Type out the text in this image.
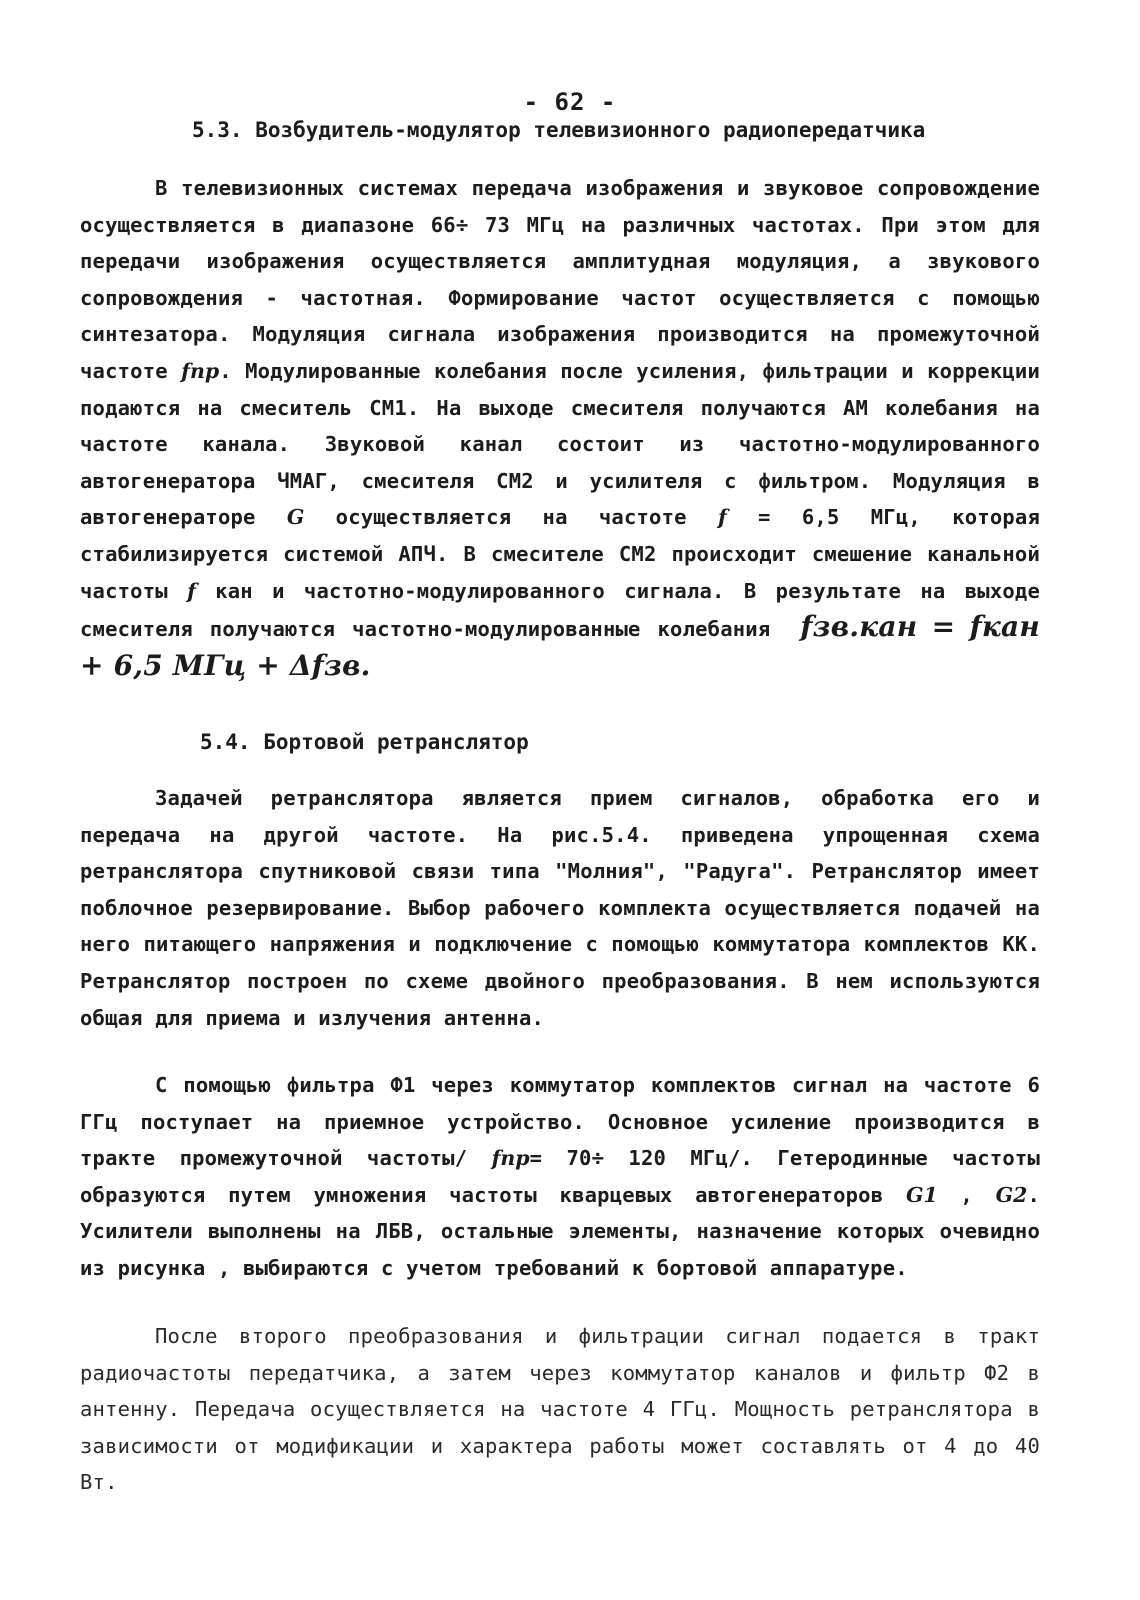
- 62 -
5.3. Возбудитель-модулятор телевизионного радиопередатчика
В телевизионных системах передача изображения и звуковое сопровождение осуществляется в диапазоне 66÷ 73 МГц на различных частотах. При этом для передачи изображения осуществляется амплитудная модуляция, а звукового сопровождения - частотная. Формирование частот осуществляется с помощью синтезатора. Модуляция сигнала изображения производится на промежуточной частоте fпр. Модулированные колебания после усиления, фильтрации и коррекции подаются на смеситель СМ1. На выходе смесителя получаются АМ колебания на частоте канала. Звуковой канал состоит из частотно-модулированного автогенератора ЧМАГ, смесителя СМ2 и усилителя с фильтром. Модуляция в автогенераторе G осуществляется на частоте f = 6,5 МГц, которая стабилизируется системой АПЧ. В смесителе СМ2 происходит смешение канальной частоты f кан и частотно-модулированного сигнала. В результате на выходе смесителя получаются частотно-модулированные колебания fзв.кан = fкан + 6,5 МГц + Δfзв.
5.4. Бортовой ретранслятор
Задачей ретранслятора является прием сигналов, обработка его и передача на другой частоте. На рис.5.4. приведена упрощенная схема ретранслятора спутниковой связи типа "Молния", "Радуга". Ретранслятор имеет поблочное резервирование. Выбор рабочего комплекта осуществляется подачей на него питающего напряжения и подключение с помощью коммутатора комплектов КК. Ретранслятор построен по схеме двойного преобразования. В нем используются общая для приема и излучения антенна.
С помощью фильтра Ф1 через коммутатор комплектов сигнал на частоте 6 ГГц поступает на приемное устройство. Основное усиление производится в тракте промежуточной частоты/ fпр= 70÷ 120 МГц/. Гетеродинные частоты образуются путем умножения частоты кварцевых автогенераторов G1 , G2. Усилители выполнены на ЛБВ, остальные элементы, назначение которых очевидно из рисунка , выбираются с учетом требований к бортовой аппаратуре.
После второго преобразования и фильтрации сигнал подается в тракт радиочастоты передатчика, а затем через коммутатор каналов и фильтр Ф2 в антенну. Передача осуществляется на частоте 4 ГГц. Мощность ретранслятора в зависимости от модификации и характера работы может составлять от 4 до 40 Вт.
